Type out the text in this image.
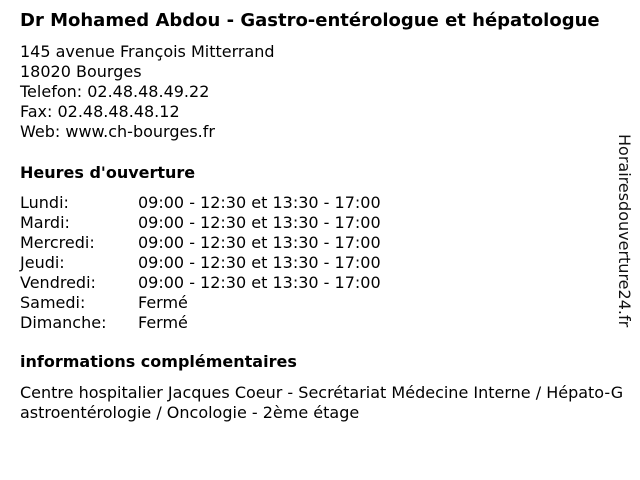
Dr Mohamed Abdou - Gastro-entérologue et hépatologue
145 avenue François Mitterrand
18020 Bourges
Telefon: 02.48.48.49.22
Fax: 02.48.48.48.12
Web: www.ch-bourges.fr
Heures d'ouverture
Lundi:	09:00 - 12:30 et 13:30 - 17:00
Mardi:	09:00 - 12:30 et 13:30 - 17:00
Mercredi:	09:00 - 12:30 et 13:30 - 17:00
Jeudi:	09:00 - 12:30 et 13:30 - 17:00
Vendredi:	09:00 - 12:30 et 13:30 - 17:00
Samedi:	Fermé
Dimanche:	Fermé
informations complémentaires
Centre hospitalier Jacques Coeur - Secrétariat Médecine Interne / Hépato-Gastroentérologie / Oncologie - 2ème étage
Horairesdouverture24.fr
